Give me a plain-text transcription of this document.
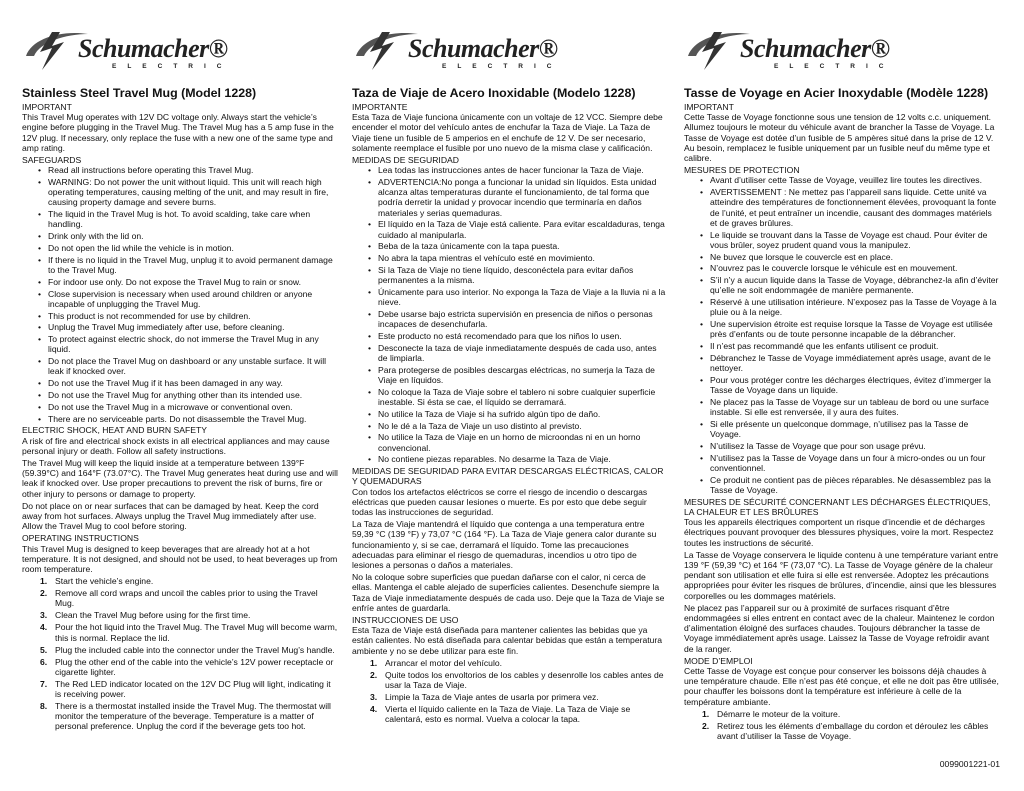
Schumacher®
ELECTRIC
Stainless Steel Travel Mug (Model 1228)
IMPORTANT

This Travel Mug operates with 12V DC voltage only. Always start the vehicle’s engine before plugging in the Travel Mug. The Travel Mug has a 5 amp fuse in the 12V plug. If necessary, only replace the fuse with a new one of the same type and amp rating.

SAFEGUARDS
• Read all instructions before operating this Travel Mug.
• WARNING: Do not power the unit without liquid. This unit will reach high operating temperatures, causing melting of the unit, and may result in fire, causing property damage and severe burns.
• The liquid in the Travel Mug is hot. To avoid scalding, take care when handling.
• Drink only with the lid on.
• Do not open the lid while the vehicle is in motion.
• If there is no liquid in the Travel Mug, unplug it to avoid permanent damage to the Travel Mug.
• For indoor use only. Do not expose the Travel Mug to rain or snow.
• Close supervision is necessary when used around children or anyone incapable of unplugging the Travel Mug.
• This product is not recommended for use by children.
• Unplug the Travel Mug immediately after use, before cleaning.
• To protect against electric shock, do not immerse the Travel Mug in any liquid.
• Do not place the Travel Mug on dashboard or any unstable surface. It will leak if knocked over.
• Do not use the Travel Mug if it has been damaged in any way.
• Do not use the Travel Mug for anything other than its intended use.
• Do not use the Travel Mug in a microwave or conventional oven.
• There are no serviceable parts. Do not disassemble the Travel Mug.
ELECTRIC SHOCK, HEAT AND BURN SAFETY

A risk of fire and electrical shock exists in all electrical appliances and may cause personal injury or death. Follow all safety instructions.

The Travel Mug will keep the liquid inside at a temperature between 139°F (59.39°C) and 164°F (73.07°C). The Travel Mug generates heat during use and will leak if knocked over. Use proper precautions to prevent the risk of burns, fire or other injury to persons or damage to property.

Do not place on or near surfaces that can be damaged by heat. Keep the cord away from hot surfaces. Always unplug the Travel Mug immediately after use. Allow the Travel Mug to cool before storing.

OPERATING INSTRUCTIONS

This Travel Mug is designed to keep beverages that are already hot at a hot temperature. It is not designed, and should not be used, to heat beverages up from room temperature.

1. Start the vehicle’s engine.
2. Remove all cord wraps and uncoil the cables prior to using the Travel Mug.
3. Clean the Travel Mug before using for the first time.
4. Pour the hot liquid into the Travel Mug. The Travel Mug will become warm, this is normal. Replace the lid.
5. Plug the included cable into the connector under the Travel Mug’s handle.
6. Plug the other end of the cable into the vehicle’s 12V power receptacle or cigarette lighter.
7. The Red LED indicator located on the 12V DC Plug will light, indicating it is receiving power.
8. There is a thermostat installed inside the Travel Mug. The thermostat will monitor the temperature of the beverage. Temperature is a matter of personal preference. Unplug the cord if the beverage gets too hot.
Schumacher®
ELECTRIC
Taza de Viaje de Acero Inoxidable (Modelo 1228)
IMPORTANTE

Esta Taza de Viaje funciona únicamente con un voltaje de 12 VCC. Siempre debe encender el motor del vehículo antes de enchufar la Taza de Viaje. La Taza de Viaje tiene un fusible de 5 amperios en el enchufe de 12 V. De ser necesario, solamente reemplace el fusible por uno nuevo de la misma clase y calificación.

MEDIDAS DE SEGURIDAD
• Lea todas las instrucciones antes de hacer funcionar la Taza de Viaje.
• ADVERTENCIA:No ponga a funcionar la unidad sin líquidos. Esta unidad alcanza altas temperaturas durante el funcionamiento, de tal forma que podría derretir la unidad y provocar incendio que terminaría en daños materiales y serias quemaduras.
• El líquido en la Taza de Viaje está caliente. Para evitar escaldaduras, tenga cuidado al manipularla.
• Beba de la taza únicamente con la tapa puesta.
• No abra la tapa mientras el vehículo esté en movimiento.
• Si la Taza de Viaje no tiene líquido, desconéctela para evitar daños permanentes a la misma.
• Únicamente para uso interior. No exponga la Taza de Viaje a la lluvia ni a la nieve.
• Debe usarse bajo estricta supervisión en presencia de niños o personas incapaces de desenchufarla.
• Este producto no está recomendado para que los niños lo usen.
• Desconecte la taza de viaje inmediatamente después de cada uso, antes de limpiarla.
• Para protegerse de posibles descargas eléctricas, no sumerja la Taza de Viaje en líquidos.
• No coloque la Taza de Viaje sobre el tablero ni sobre cualquier superficie inestable. Si ésta se cae, el líquido se derramará.
• No utilice la Taza de Viaje si ha sufrido algún tipo de daño.
• No le dé a la Taza de Viaje un uso distinto al previsto.
• No utilice la Taza de Viaje en un horno de microondas ni en un horno convencional.
• No contiene piezas reparables. No desarme la Taza de Viaje.
MEDIDAS DE SEGURIDAD PARA EVITAR DESCARGAS ELÉCTRICAS, CALOR Y QUEMADURAS

Con todos los artefactos eléctricos se corre el riesgo de incendio o descargas eléctricas que pueden causar lesiones o muerte. Es por esto que debe seguir todas las instrucciones de seguridad.

La Taza de Viaje mantendrá el líquido que contenga a una temperatura entre 59,39 °C (139 °F) y 73,07 °C (164 °F). La Taza de Viaje genera calor durante su funcionamiento y, si se cae, derramará el líquido. Tome las precauciones adecuadas para eliminar el riesgo de quemaduras, incendios u otro tipo de lesiones a personas o daños a materiales.

No la coloque sobre superficies que puedan dañarse con el calor, ni cerca de ellas. Mantenga el cable alejado de superficies calientes. Desenchufe siempre la Taza de Viaje inmediatamente después de cada uso. Deje que la Taza de Viaje se enfríe antes de guardarla.

INSTRUCCIONES DE USO

Esta Taza de Viaje está diseñada para mantener calientes las bebidas que ya están calientes. No está diseñada para calentar bebidas que están a temperatura ambiente y no se debe utilizar para este fin.

1. Arrancar el motor del vehículo.
2. Quite todos los envoltorios de los cables y desenrolle los cables antes de usar la Taza de Viaje.
3. Limpie la Taza de Viaje antes de usarla por primera vez.
4. Vierta el líquido caliente en la Taza de Viaje. La Taza de Viaje se calentará, esto es normal. Vuelva a colocar la tapa.
Schumacher®
ELECTRIC
Tasse de Voyage en Acier Inoxydable (Modèle 1228)
IMPORTANT

Cette Tasse de Voyage fonctionne sous une tension de 12 volts c.c. uniquement. Allumez toujours le moteur du véhicule avant de brancher la Tasse de Voyage. La Tasse de Voyage est dotée d’un fusible de 5 ampères situé dans la prise de 12 V. Au besoin, remplacez le fusible uniquement par un fusible neuf du même type et calibre.

MESURES DE PROTECTION
• Avant d’utiliser cette Tasse de Voyage, veuillez lire toutes les directives.
• AVERTISSEMENT : Ne mettez pas l’appareil sans liquide. Cette unité va atteindre des températures de fonctionnement élevées, provoquant la fonte de l’unité, et peut entraîner un incendie, causant des dommages matériels et de graves brûlures.
• Le liquide se trouvant dans la Tasse de Voyage est chaud. Pour éviter de vous brûler, soyez prudent quand vous la manipulez.
• Ne buvez que lorsque le couvercle est en place.
• N’ouvrez pas le couvercle lorsque le véhicule est en mouvement.
• S’il n’y a aucun liquide dans la Tasse de Voyage, débranchez-la afin d’éviter qu’elle ne soit endommagée de manière permanente.
• Réservé à une utilisation intérieure. N’exposez pas la Tasse de Voyage à la pluie ou à la neige.
• Une supervision étroite est requise lorsque la Tasse de Voyage est utilisée près d’enfants ou de toute personne incapable de la débrancher.
• Il n’est pas recommandé que les enfants utilisent ce produit.
• Débranchez le Tasse de Voyage immédiatement après usage, avant de le nettoyer.
• Pour vous protéger contre les décharges électriques, évitez d’immerger la Tasse de Voyage dans un liquide.
• Ne placez pas la Tasse de Voyage sur un tableau de bord ou une surface instable. Si elle est renversée, il y aura des fuites.
• Si elle présente un quelconque dommage, n’utilisez pas la Tasse de Voyage.
• N’utilisez la Tasse de Voyage que pour son usage prévu.
• N’utilisez pas la Tasse de Voyage dans un four à micro-ondes ou un four conventionnel.
• Ce produit ne contient pas de pièces réparables. Ne désassemblez pas la Tasse de Voyage.
MESURES DE SÉCURITÉ CONCERNANT LES DÉCHARGES ÉLECTRIQUES, LA CHALEUR ET LES BRÛLURES

Tous les appareils électriques comportent un risque d’incendie et de décharges électriques pouvant provoquer des blessures physiques, voire la mort. Respectez toutes les instructions de sécurité.

La Tasse de Voyage conservera le liquide contenu à une température variant entre 139 °F (59,39 °C) et 164 °F (73,07 °C). La Tasse de Voyage génère de la chaleur pendant son utilisation et elle fuira si elle est renversée. Adoptez les précautions appropriées pour éviter les risques de brûlures, d’incendie, ainsi que les blessures corporelles ou les dommages matériels.

Ne placez pas l’appareil sur ou à proximité de surfaces risquant d’être endommagées si elles entrent en contact avec de la chaleur. Maintenez le cordon d’alimentation éloigné des surfaces chaudes. Toujours débrancher la tasse de Voyage immédiatement après usage. Laissez la Tasse de Voyage refroidir avant de la ranger.

MODE D’EMPLOI

Cette Tasse de Voyage est conçue pour conserver les boissons déjà chaudes à une température chaude. Elle n’est pas été conçue, et elle ne doit pas être utilisée, pour chauffer les boissons dont la température est inférieure à celle de la température ambiante.

1. Démarre le moteur de la voiture.
2. Retirez tous les éléments d’emballage du cordon et déroulez les câbles avant d’utiliser la Tasse de Voyage.
0099001221-01
